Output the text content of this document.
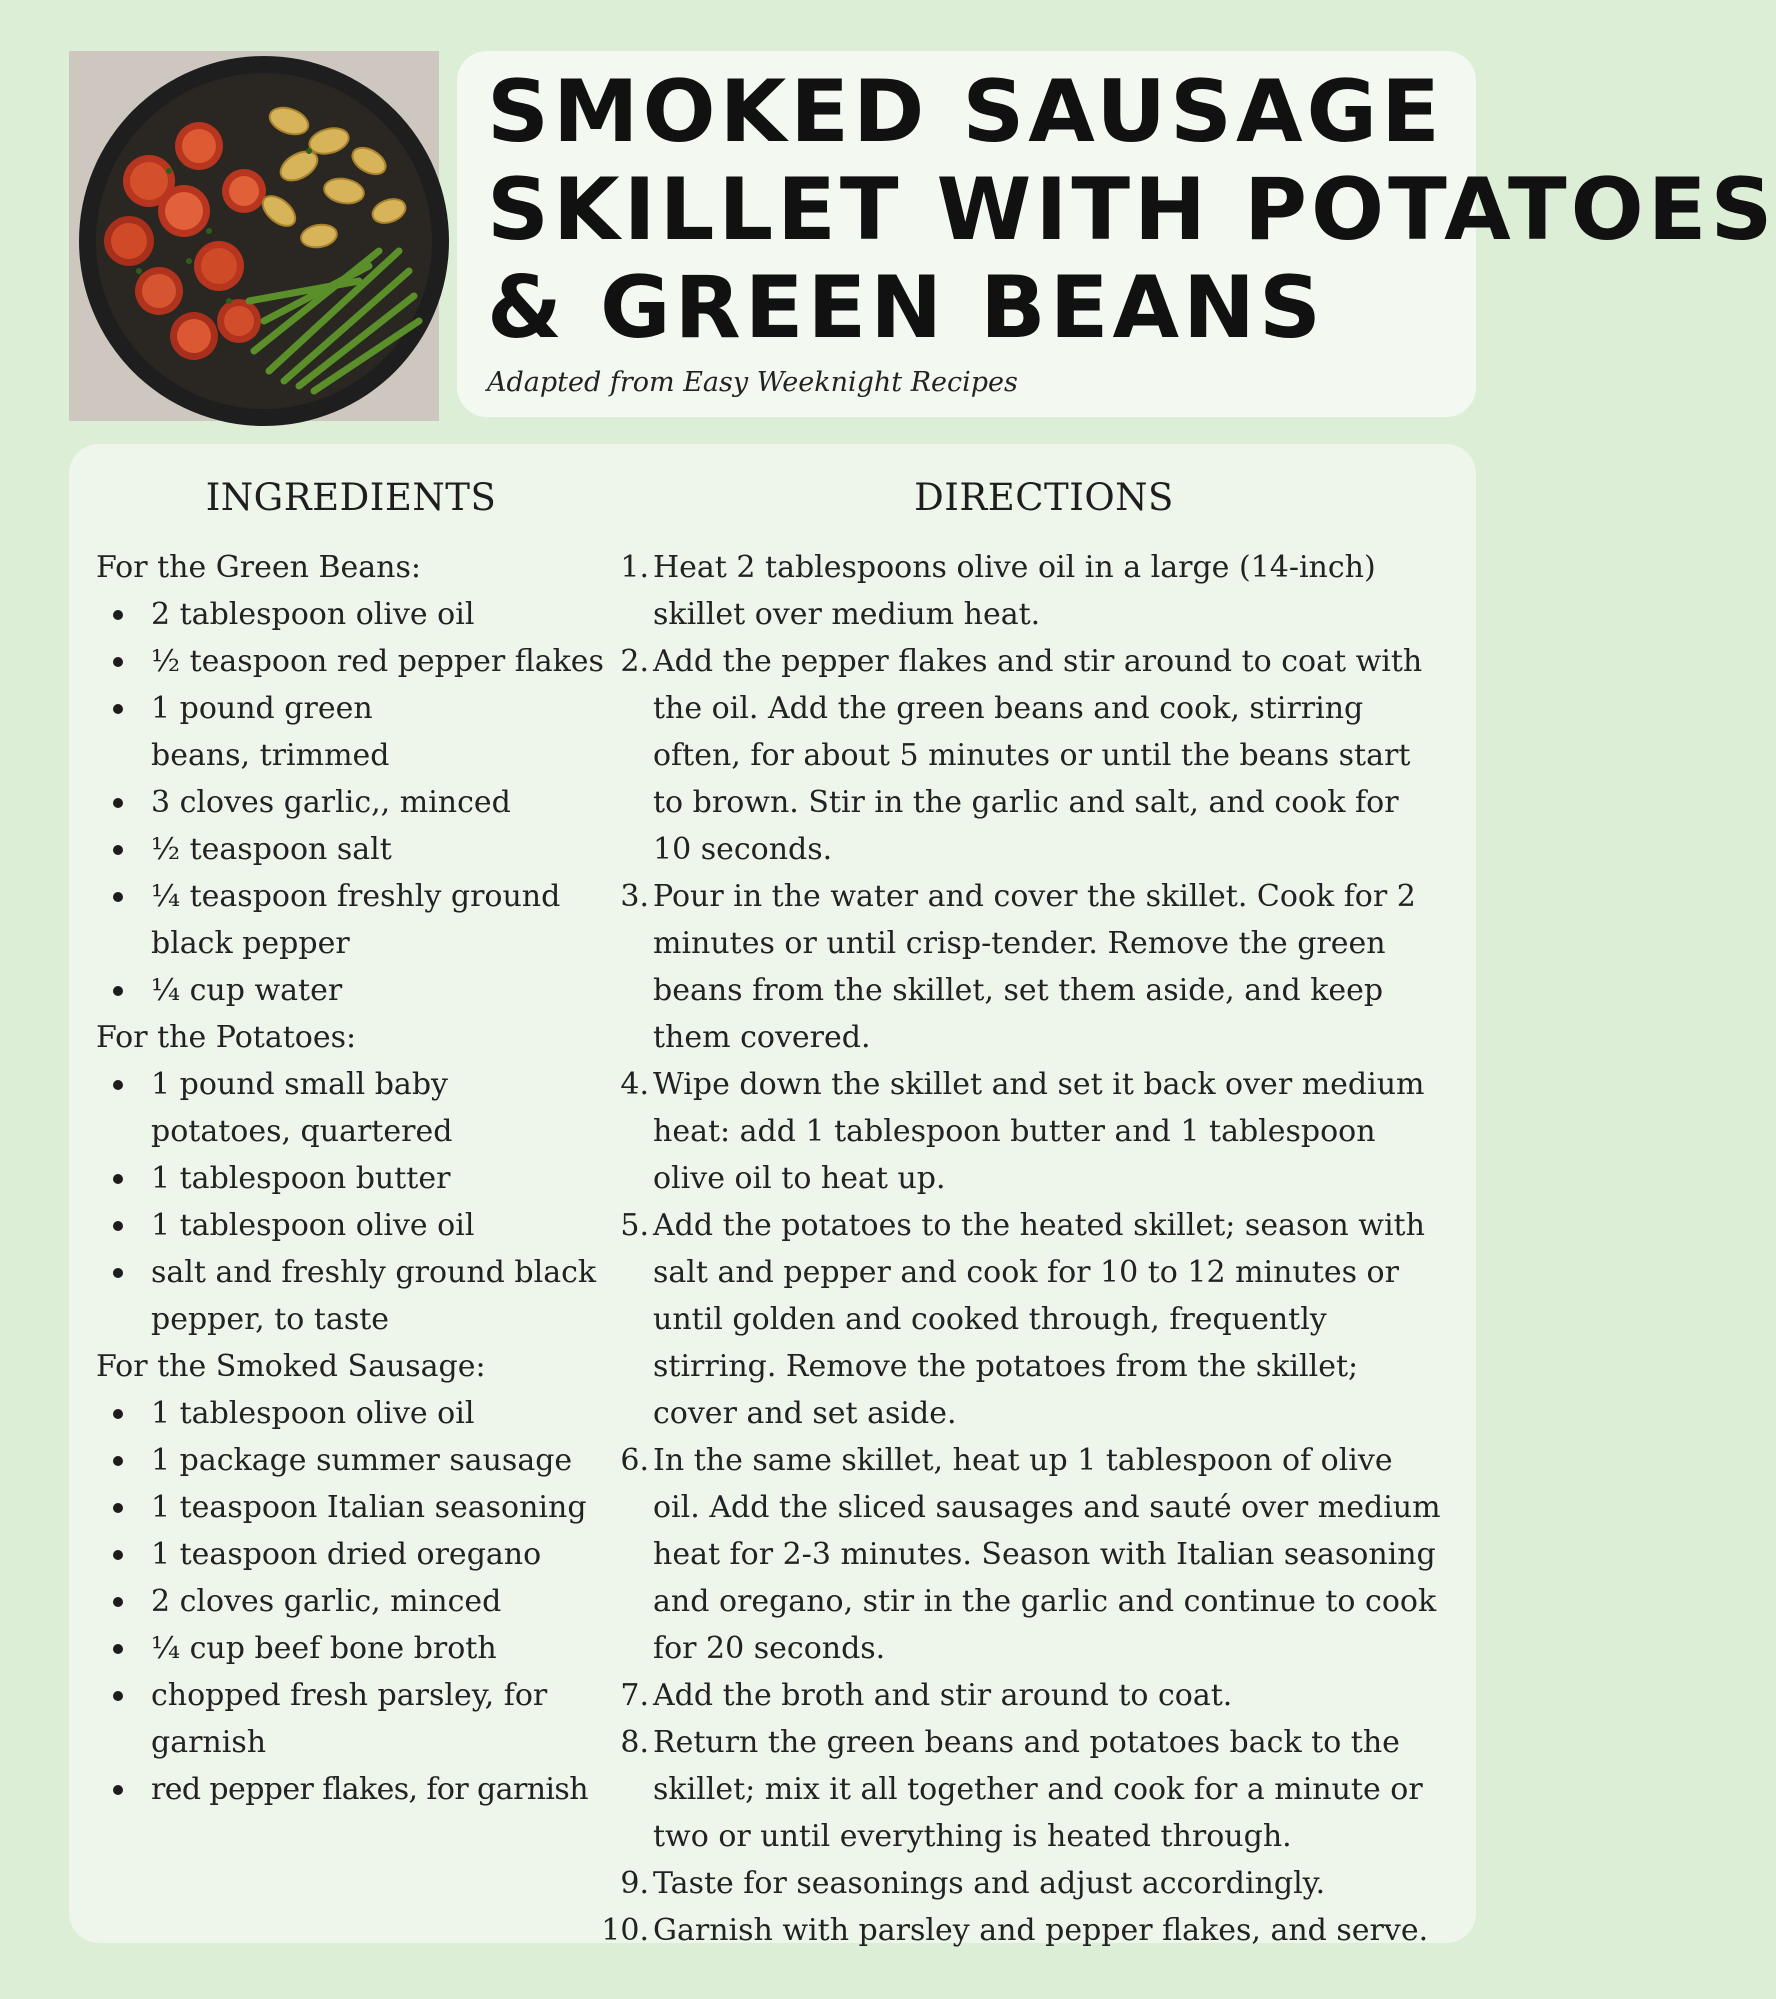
SMOKED SAUSAGE
SKILLET WITH POTATOES
& GREEN BEANS
Adapted from Easy Weeknight Recipes
INGREDIENTS	DIRECTIONS
For the Green Beans:
2 tablespoon olive oil
½ teaspoon red pepper flakes
1 pound green beans, trimmed
3 cloves garlic,, minced
½ teaspoon salt
¼ teaspoon freshly ground black pepper
¼ cup water
For the Potatoes:
1 pound small baby potatoes, quartered
1 tablespoon butter
1 tablespoon olive oil
salt and freshly ground black pepper, to taste
For the Smoked Sausage:
1 tablespoon olive oil
1 package summer sausage
1 teaspoon Italian seasoning
1 teaspoon dried oregano
2 cloves garlic, minced
¼ cup beef bone broth
chopped fresh parsley, for garnish
red pepper flakes, for garnish
1. Heat 2 tablespoons olive oil in a large (14-inch) skillet over medium heat.
2. Add the pepper flakes and stir around to coat with the oil. Add the green beans and cook, stirring often, for about 5 minutes or until the beans start to brown. Stir in the garlic and salt, and cook for 10 seconds.
3. Pour in the water and cover the skillet. Cook for 2 minutes or until crisp-tender. Remove the green beans from the skillet, set them aside, and keep them covered.
4. Wipe down the skillet and set it back over medium heat: add 1 tablespoon butter and 1 tablespoon olive oil to heat up.
5. Add the potatoes to the heated skillet; season with salt and pepper and cook for 10 to 12 minutes or until golden and cooked through, frequently stirring. Remove the potatoes from the skillet; cover and set aside.
6. In the same skillet, heat up 1 tablespoon of olive oil. Add the sliced sausages and sauté over medium heat for 2-3 minutes. Season with Italian seasoning and oregano, stir in the garlic and continue to cook for 20 seconds.
7. Add the broth and stir around to coat.
8. Return the green beans and potatoes back to the skillet; mix it all together and cook for a minute or two or until everything is heated through.
9. Taste for seasonings and adjust accordingly.
10. Garnish with parsley and pepper flakes, and serve.
